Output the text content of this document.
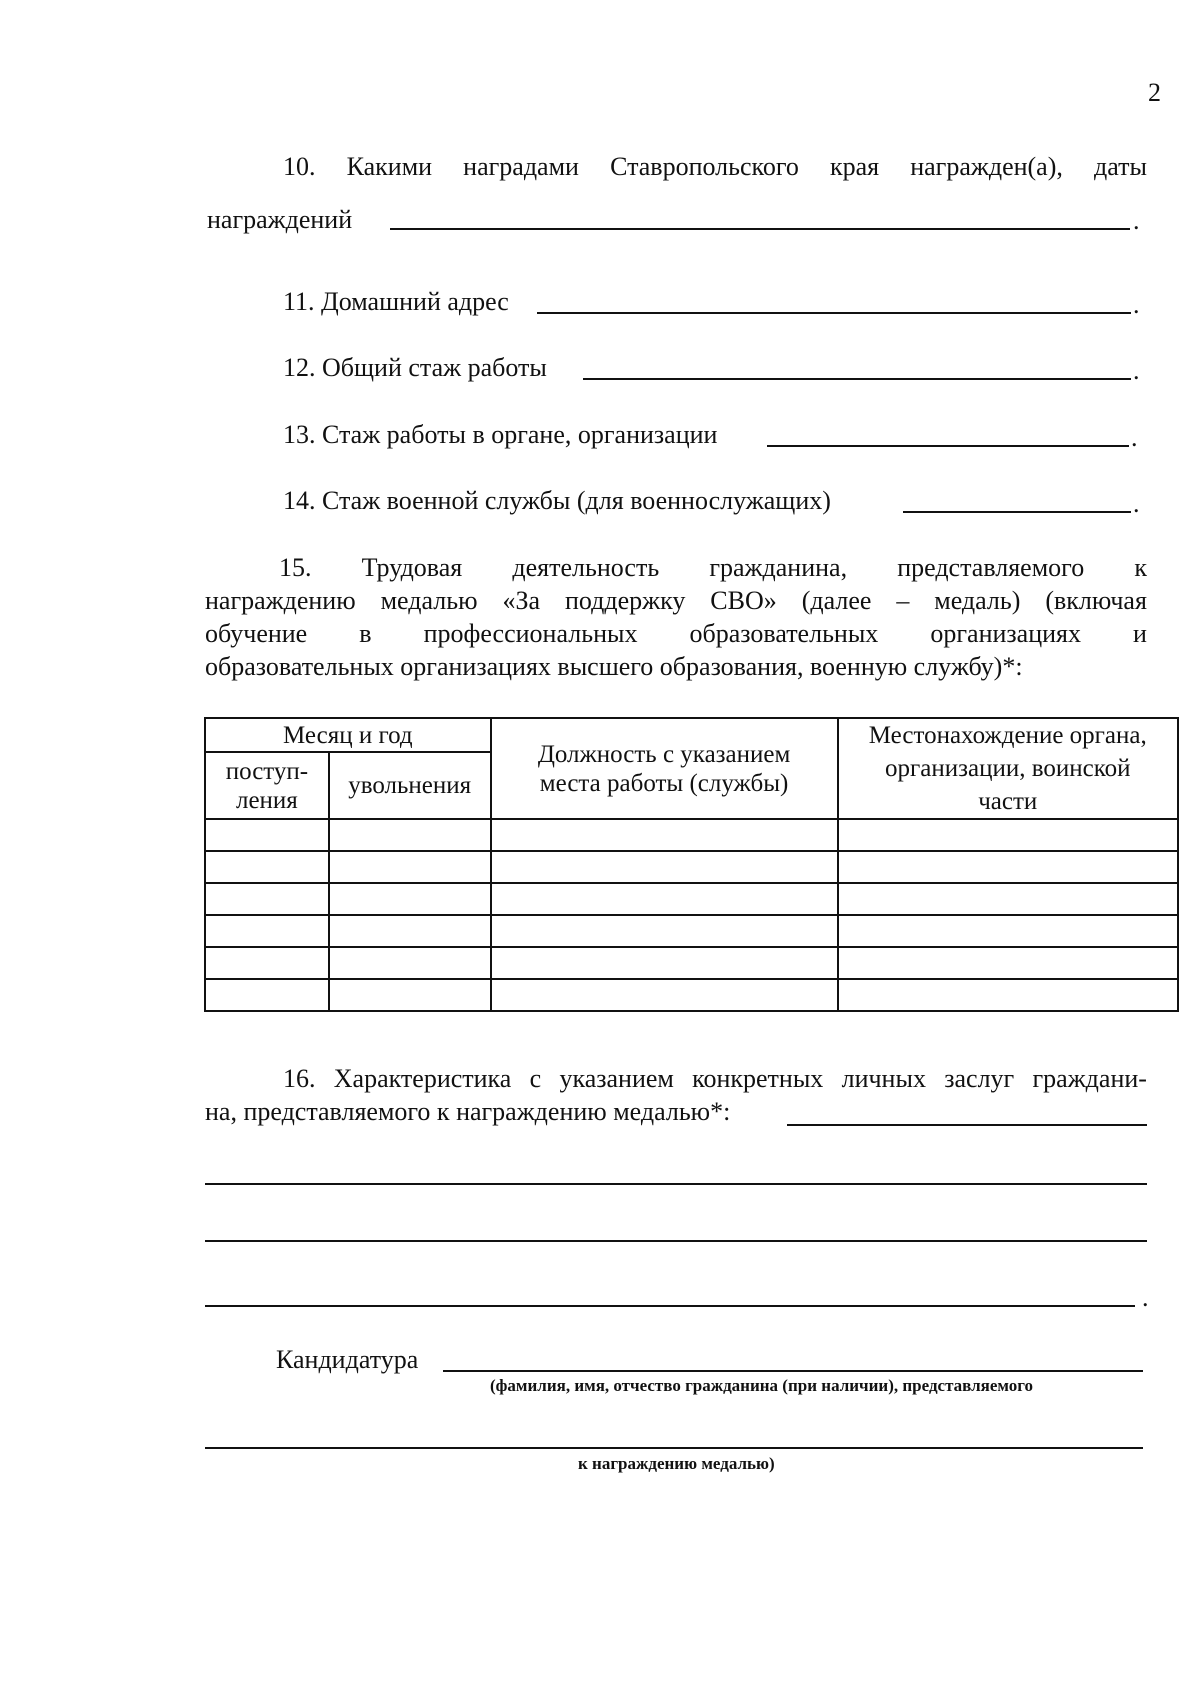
2
10. Какими наградами Ставропольского края награжден(а), даты
награждений	.
11. Домашний адрес	.
12. Общий стаж работы	.
13. Стаж работы в органе, организации	.
14. Стаж военной службы (для военнослужащих)	.
15. Трудовая деятельность гражданина, представляемого к
награждению медалью «За поддержку СВО» (далее – медаль) (включая
обучение в профессиональных образовательных организациях и
образовательных организациях высшего образования, военную службу)*:
Месяц и год		Должность с указанием места работы (службы)	Местонахождение органа, организации, воинской части
поступ-
ления	увольнения		

16. Характеристика с указанием конкретных личных заслуг граждани-
на, представляемого к награждению медалью*:
.
Кандидатура
(фамилия, имя, отчество гражданина (при наличии), представляемого
к награждению медалью)
